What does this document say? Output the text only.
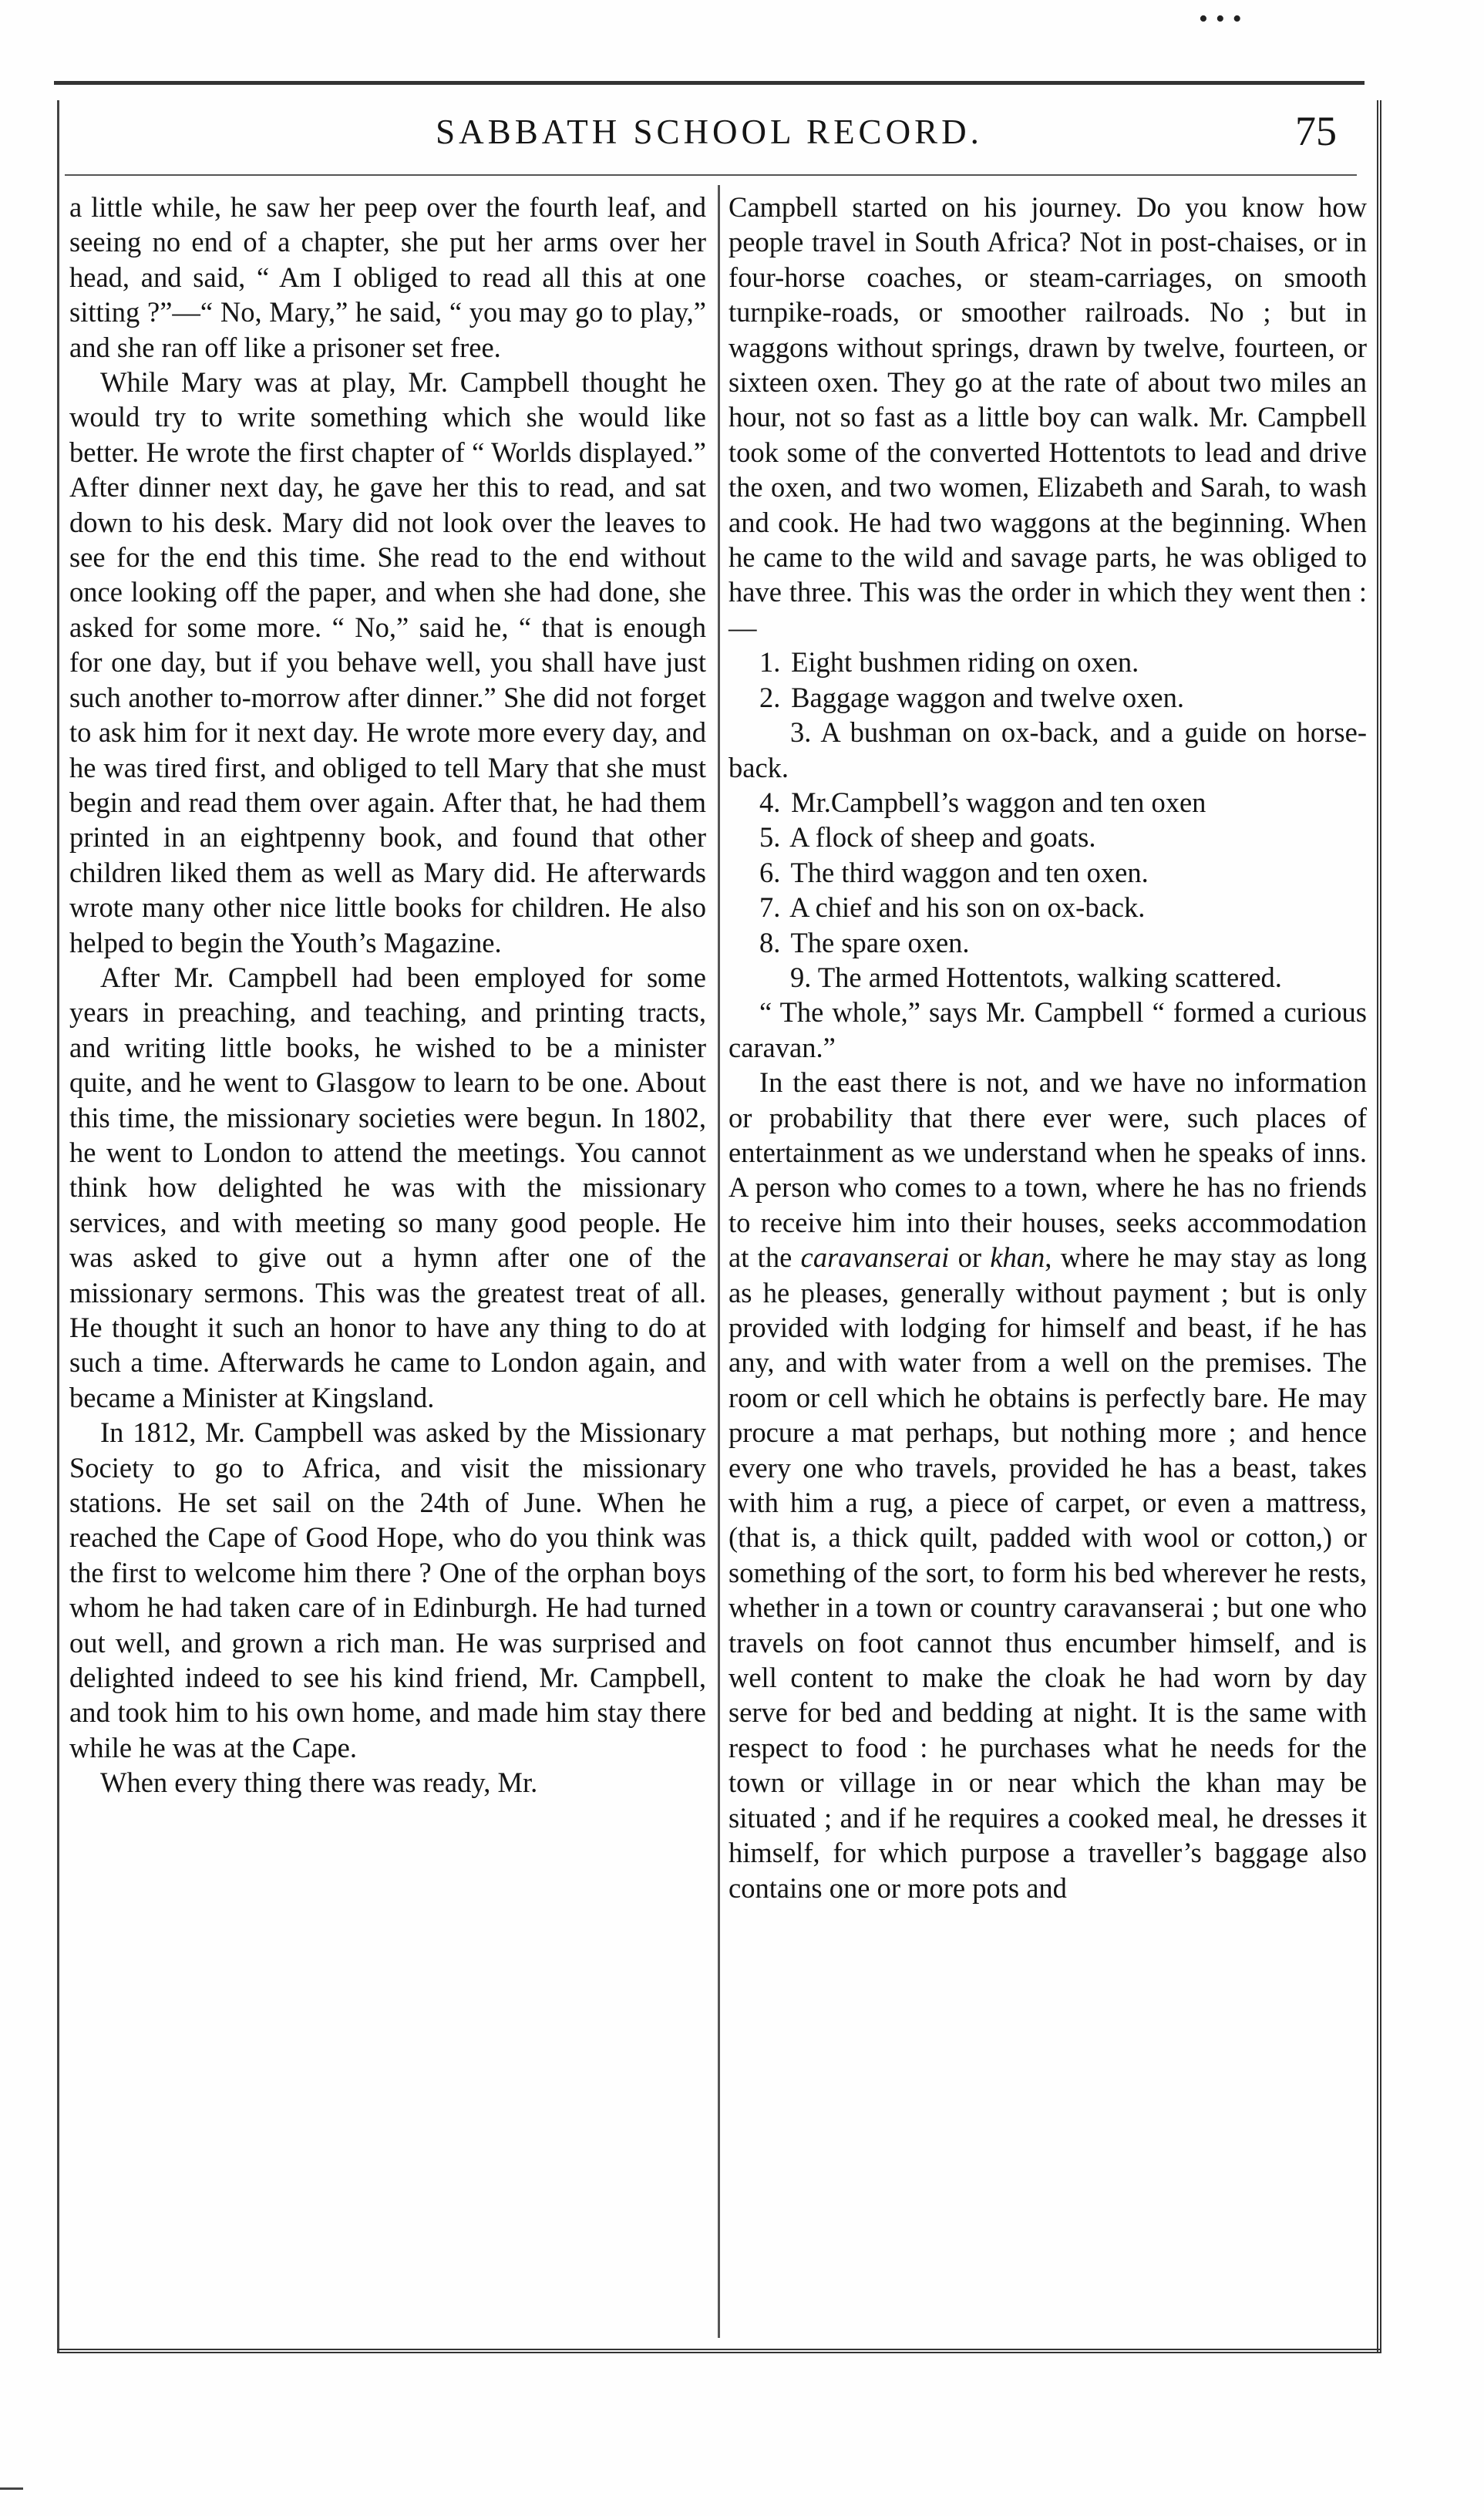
•••
SABBATH SCHOOL RECORD.	75

a little while, he saw her peep over the fourth leaf, and seeing no end of a chapter, she put her arms over her head, and said, “ Am I obliged to read all this at one sitting ?”—“ No, Mary,” he said, “ you may go to play,” and she ran off like a prisoner set free.

While Mary was at play, Mr. Campbell thought he would try to write something which she would like better. He wrote the first chapter of “ Worlds displayed.” After dinner next day, he gave her this to read, and sat down to his desk. Mary did not look over the leaves to see for the end this time. She read to the end without once looking off the paper, and when she had done, she asked for some more. “ No,” said he, “ that is enough for one day, but if you behave well, you shall have just such another to-morrow after dinner.” She did not forget to ask him for it next day. He wrote more every day, and he was tired first, and obliged to tell Mary that she must begin and read them over again. After that, he had them printed in an eightpenny book, and found that other children liked them as well as Mary did. He afterwards wrote many other nice little books for children. He also helped to begin the Youth’s Magazine.

After Mr. Campbell had been employed for some years in preaching, and teaching, and printing tracts, and writing little books, he wished to be a minister quite, and he went to Glasgow to learn to be one. About this time, the missionary societies were begun. In 1802, he went to London to attend the meetings. You cannot think how delighted he was with the missionary services, and with meeting so many good people. He was asked to give out a hymn after one of the missionary sermons. This was the greatest treat of all. He thought it such an honor to have any thing to do at such a time. Afterwards he came to London again, and became a Minister at Kingsland.

In 1812, Mr. Campbell was asked by the Missionary Society to go to Africa, and visit the missionary stations. He set sail on the 24th of June. When he reached the Cape of Good Hope, who do you think was the first to welcome him there ? One of the orphan boys whom he had taken care of in Edinburgh. He had turned out well, and grown a rich man. He was surprised and delighted indeed to see his kind friend, Mr. Campbell, and took him to his own home, and made him stay there while he was at the Cape.

When every thing there was ready, Mr.

Campbell started on his journey. Do you know how people travel in South Africa? Not in post-chaises, or in four-horse coaches, or steam-carriages, on smooth turnpike-roads, or smoother railroads. No ; but in waggons without springs, drawn by twelve, fourteen, or sixteen oxen. They go at the rate of about two miles an hour, not so fast as a little boy can walk. Mr. Campbell took some of the converted Hottentots to lead and drive the oxen, and two women, Elizabeth and Sarah, to wash and cook. He had two waggons at the beginning. When he came to the wild and savage parts, he was obliged to have three. This was the order in which they went then :—

1. Eight bushmen riding on oxen.
2. Baggage waggon and twelve oxen.
3. A bushman on ox-back, and a guide on horse-back.
4. Mr.Campbell’s waggon and ten oxen
5. A flock of sheep and goats.
6. The third waggon and ten oxen.
7. A chief and his son on ox-back.
8. The spare oxen.
9. The armed Hottentots, walking scattered.

“ The whole,” says Mr. Campbell “ formed a curious caravan.”

In the east there is not, and we have no information or probability that there ever were, such places of entertainment as we understand when he speaks of inns. A person who comes to a town, where he has no friends to receive him into their houses, seeks accommodation at the caravanserai or khan, where he may stay as long as he pleases, generally without payment ; but is only provided with lodging for himself and beast, if he has any, and with water from a well on the premises. The room or cell which he obtains is perfectly bare. He may procure a mat perhaps, but nothing more ; and hence every one who travels, provided he has a beast, takes with him a rug, a piece of carpet, or even a mattress, (that is, a thick quilt, padded with wool or cotton,) or something of the sort, to form his bed wherever he rests, whether in a town or country caravanserai ; but one who travels on foot cannot thus encumber himself, and is well content to make the cloak he had worn by day serve for bed and bedding at night. It is the same with respect to food : he purchases what he needs for the town or village in or near which the khan may be situated ; and if he requires a cooked meal, he dresses it himself, for which purpose a traveller’s baggage also contains one or more pots and
